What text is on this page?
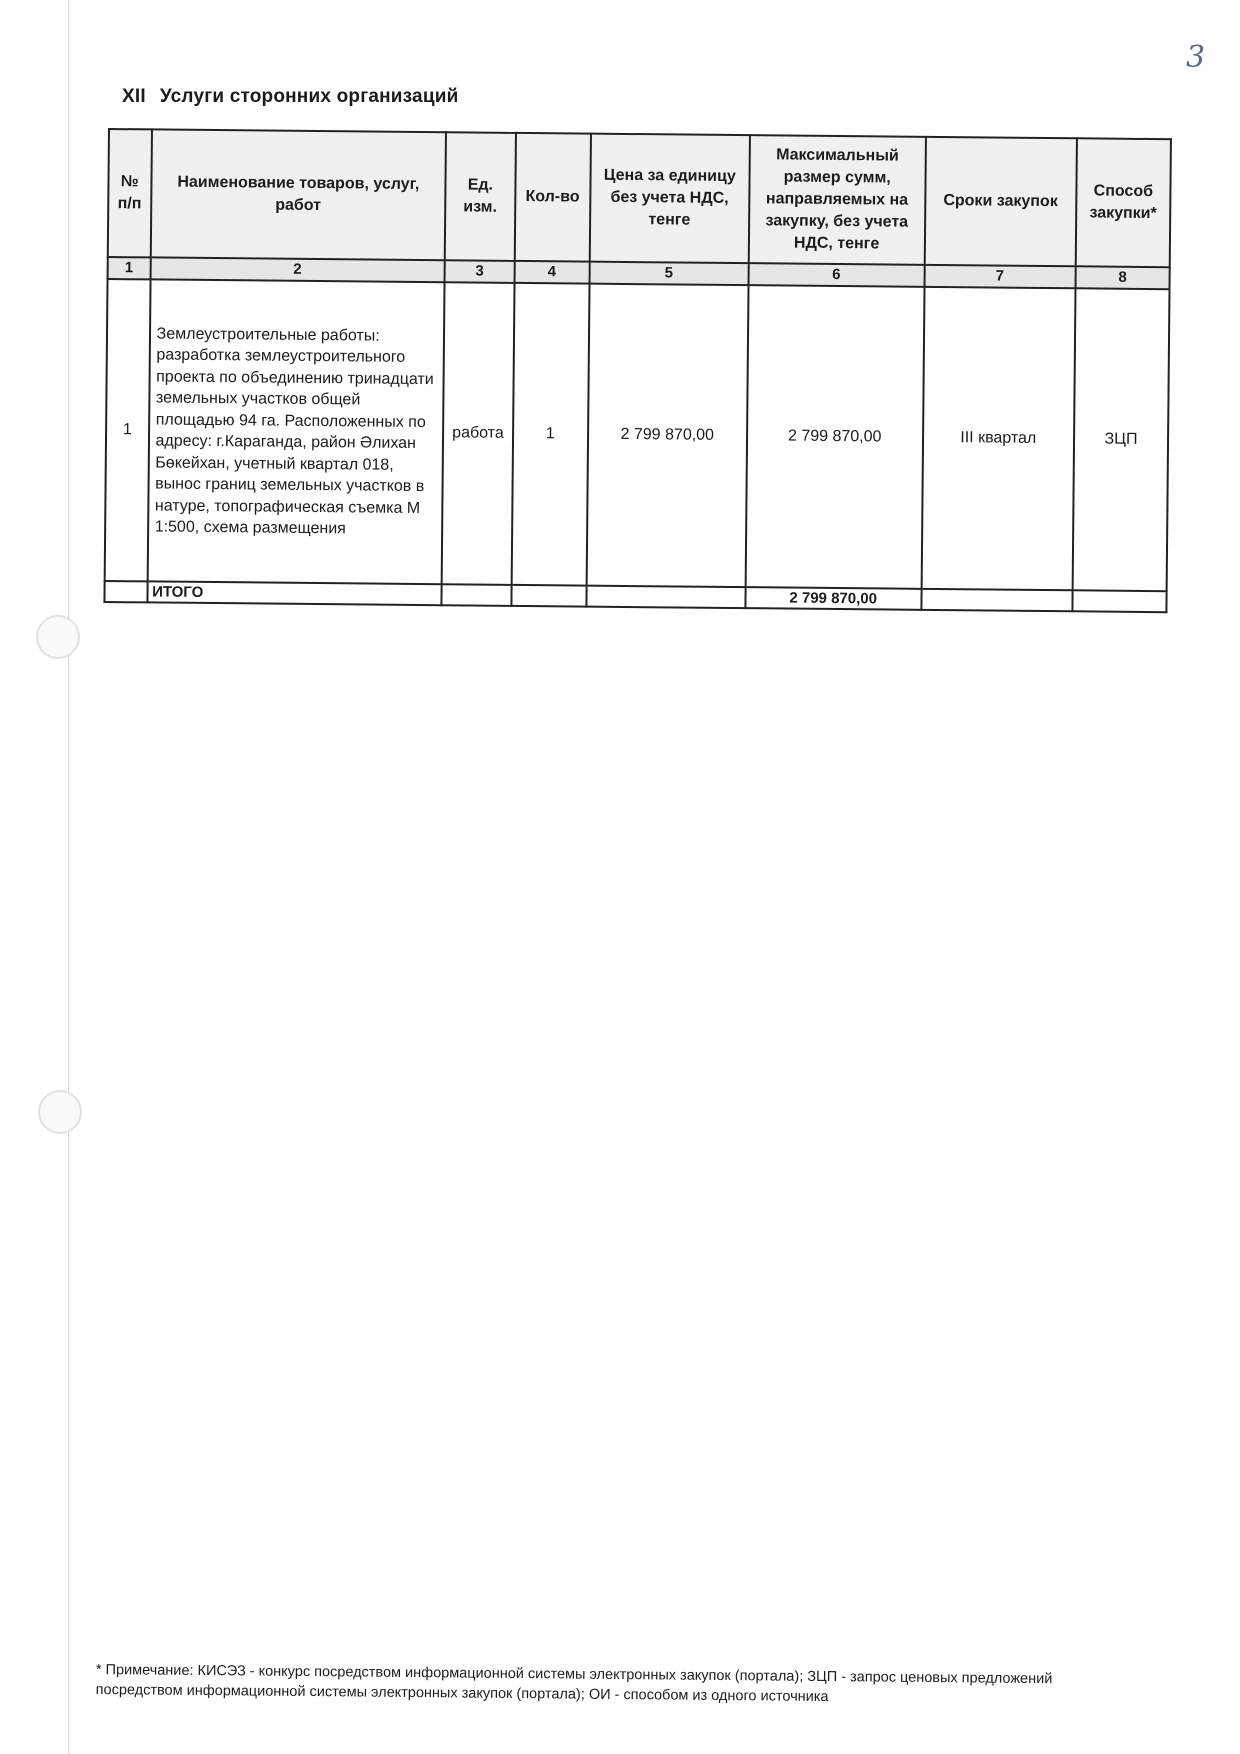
3
XII Услуги сторонних организаций
№ п/п	Наименование товаров, услуг, работ	Ед. изм.	Кол-во	Цена за единицу без учета НДС, тенге	Максимальный размер сумм, направляемых на закупку, без учета НДС, тенге	Сроки закупок	Способ закупки*
1	2	3	4	5	6	7	8
1	Землеустроительные работы: разработка землеустроительного проекта по объединению тринадцати земельных участков общей площадью 94 га. Расположенных по адресу: г.Караганда, район Әлихан Бөкейхан, учетный квартал 018, вынос границ земельных участков в натуре, топографическая съемка М 1:500, схема размещения	работа	1	2 799 870,00	2 799 870,00	III квартал	ЗЦП
	ИТОГО				2 799 870,00		
* Примечание: КИСЭЗ - конкурс посредством информационной системы электронных закупок (портала); ЗЦП - запрос ценовых предложений посредством информационной системы электронных закупок (портала); ОИ - способом из одного источника
